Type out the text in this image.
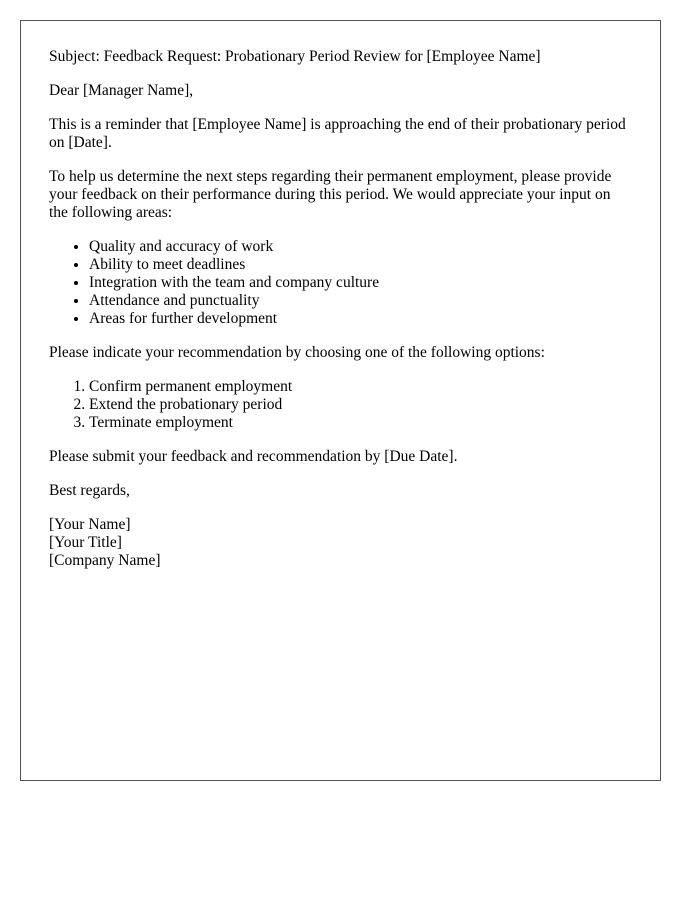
Subject: Feedback Request: Probationary Period Review for [Employee Name]

Dear [Manager Name],

This is a reminder that [Employee Name] is approaching the end of their probationary period on [Date].

To help us determine the next steps regarding their permanent employment, please provide your feedback on their performance during this period. We would appreciate your input on the following areas:

• Quality and accuracy of work
• Ability to meet deadlines
• Integration with the team and company culture
• Attendance and punctuality
• Areas for further development

Please indicate your recommendation by choosing one of the following options:

1. Confirm permanent employment
2. Extend the probationary period
3. Terminate employment

Please submit your feedback and recommendation by [Due Date].

Best regards,

[Your Name]
[Your Title]
[Company Name]
